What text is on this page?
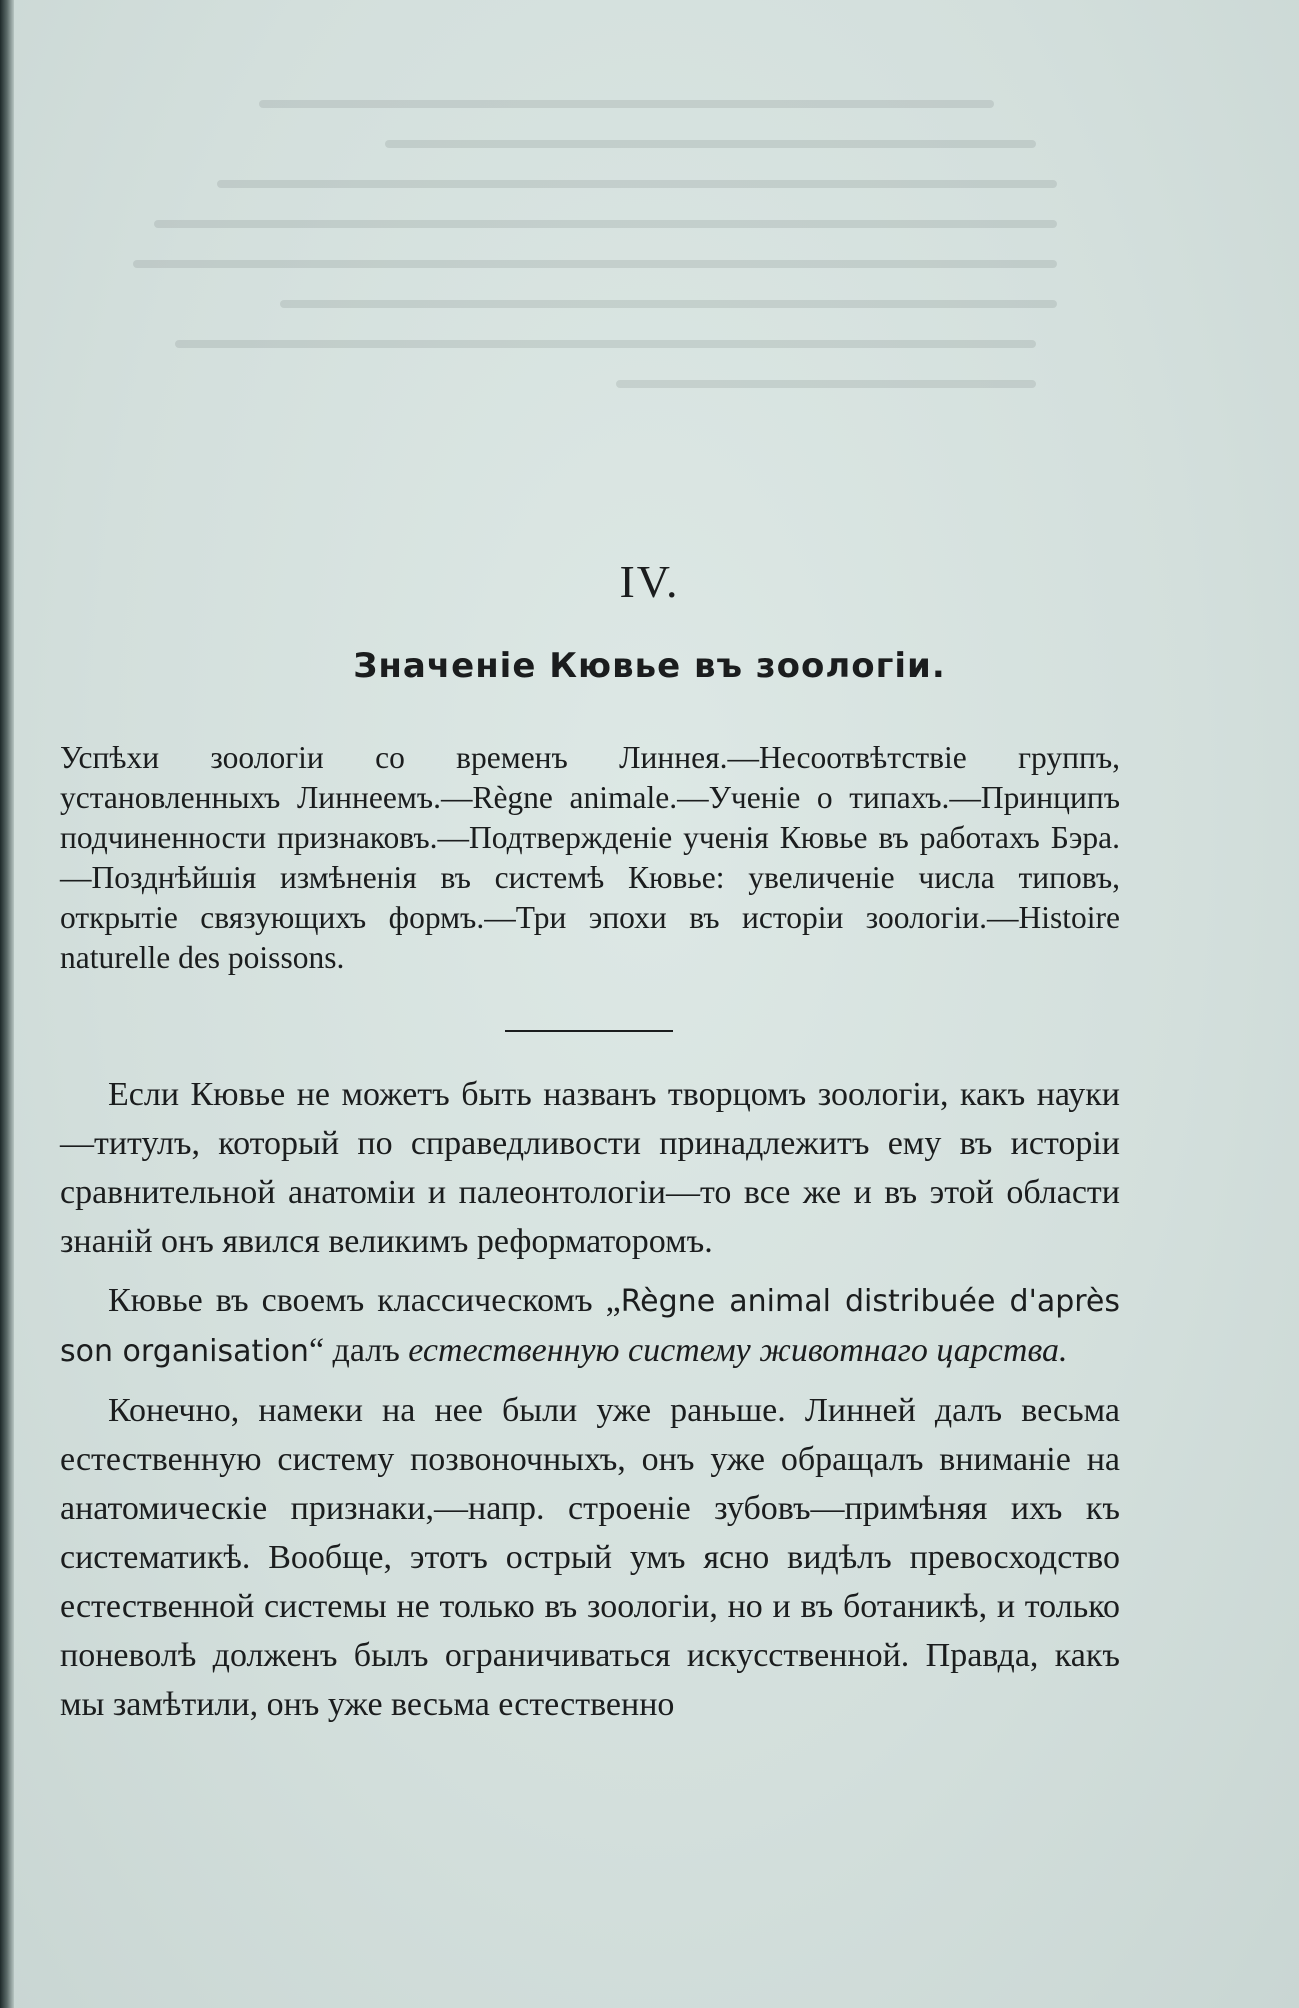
IV.
Значеніе Кювье въ зоологіи.
Успѣхи зоологіи со временъ Линнея.—Несоотвѣтствіе группъ, установленныхъ Линнеемъ.—Règne animale.—Ученіе о типахъ.—Принципъ подчиненности признаковъ.—Подтвержденіе ученія Кювье въ работахъ Бэра.—Позднѣйшія измѣненія въ системѣ Кювье: увеличеніе числа типовъ, открытіе связующихъ формъ.—Три эпохи въ исторіи зоологіи.—Histoire naturelle des poissons.

Если Кювье не можетъ быть названъ творцомъ зоологіи, какъ науки—титулъ, который по справедливости принадлежитъ ему въ исторіи сравнительной анатоміи и палеонтологіи—то все же и въ этой области знаній онъ явился великимъ реформаторомъ.

Кювье въ своемъ классическомъ „Règne animal distribuée d'après son organisation“ далъ естественную систему животнаго царства.

Конечно, намеки на нее были уже раньше. Линней далъ весьма естественную систему позвоночныхъ, онъ уже обращалъ вниманіе на анатомическіе признаки,—напр. строеніе зубовъ—примѣняя ихъ къ систематикѣ. Вообще, этотъ острый умъ ясно видѣлъ превосходство естественной системы не только въ зоологіи, но и въ ботаникѣ, и только поневолѣ долженъ былъ ограничиваться искусственной. Правда, какъ мы замѣтили, онъ уже весьма естественно
